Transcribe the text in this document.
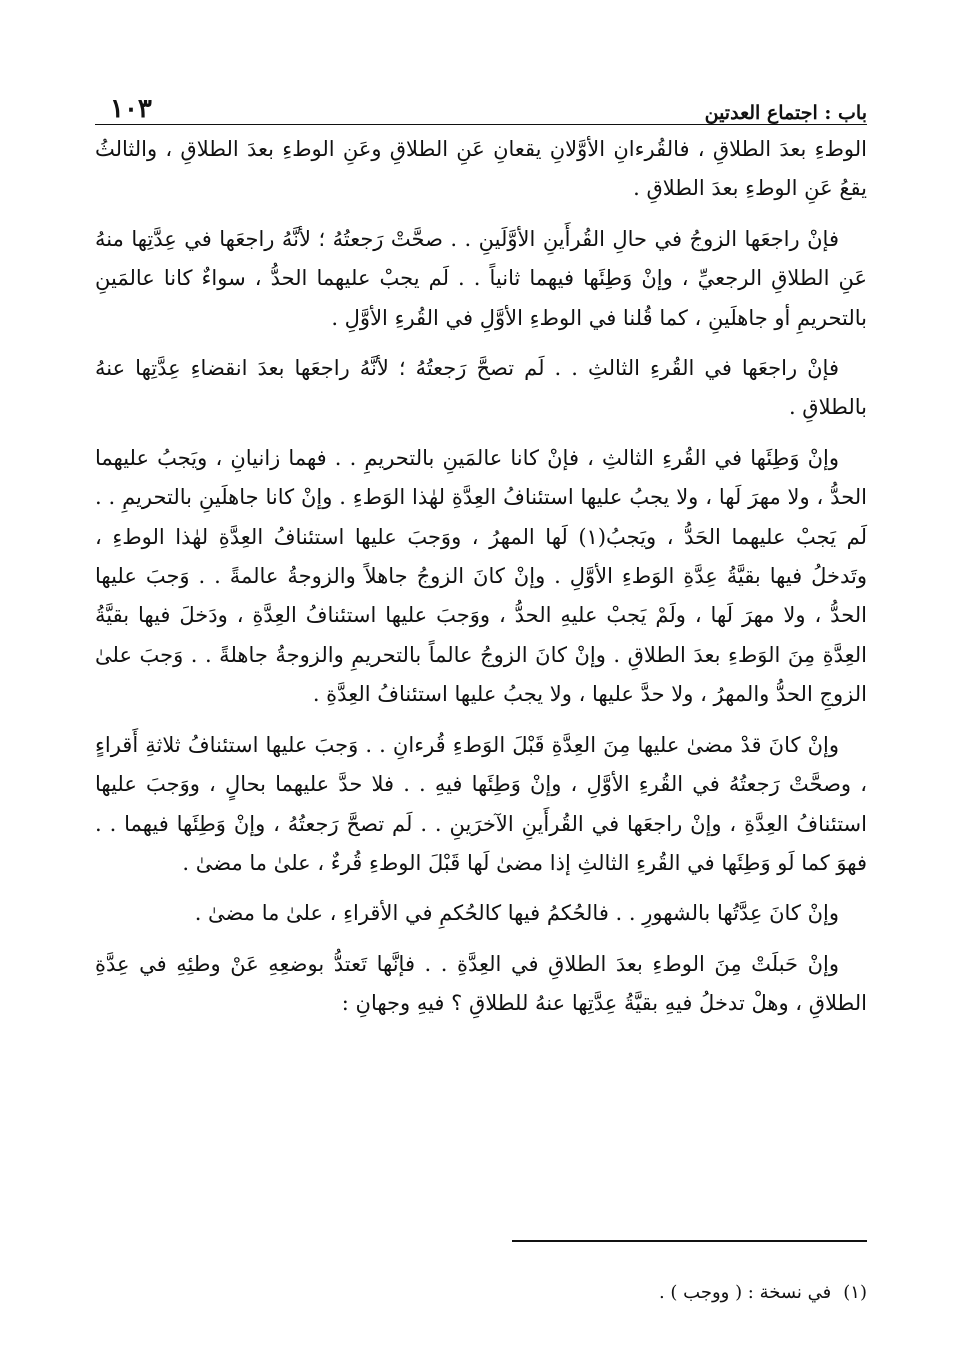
باب : اجتماع العدتين
١٠٣

الوطءِ بعدَ الطلاقِ ، فالقُرءانِ الأوَّلانِ يقعانِ عَنِ الطلاقِ وعَنِ الوطءِ بعدَ الطلاقِ ، والثالثُ يقعُ عَنِ الوطءِ بعدَ الطلاقِ .

فإنْ راجعَها الزوجُ في حالِ القُرأَينِ الأوَّلَينِ . . صحَّتْ رَجعتُهُ ؛ لأنَّهُ راجعَها في عِدَّتِها منهُ عَنِ الطلاقِ الرجعيِّ ، وإنْ وَطِئَها فيهما ثانياً . . لَم يجبْ عليهما الحدُّ ، سواءٌ كانا عالمَينِ بالتحريمِ أو جاهلَينِ ، كما قُلنا في الوطءِ الأوَّلِ في القُرءِ الأوَّلِ .

فإنْ راجعَها في القُرءِ الثالثِ . . لَم تصحَّ رَجعتُهُ ؛ لأنَّهُ راجعَها بعدَ انقضاءِ عِدَّتِها عنهُ بالطلاقِ .

وإنْ وَطِئَها في القُرءِ الثالثِ ، فإنْ كانا عالمَينِ بالتحريمِ . . فهما زانيانِ ، ويَجبُ عليهما الحدُّ ، ولا مهرَ لَها ، ولا يجبُ عليها استئنافُ العِدَّةِ لهٰذا الوَطءِ . وإنْ كانا جاهلَينِ بالتحريمِ . . لَم يَجبْ عليهما الحَدُّ ، ويَجبُ(١) لَها المهرُ ، ووَجبَ عليها استئنافُ العِدَّةِ لهٰذا الوطءِ ، وتَدخلُ فيها بقيَّةُ عِدَّةِ الوَطءِ الأوَّلِ . وإنْ كانَ الزوجُ جاهلاً والزوجةُ عالمةً . . وَجبَ عليها الحدُّ ، ولا مهرَ لَها ، ولَمْ يَجبْ عليهِ الحدُّ ، ووَجبَ عليها استئنافُ العِدَّةِ ، ودَخلَ فيها بقيَّةُ العِدَّةِ مِنَ الوَطءِ بعدَ الطلاقِ . وإنْ كانَ الزوجُ عالماً بالتحريمِ والزوجةُ جاهلةً . . وَجبَ علىٰ الزوجِ الحدُّ والمهرُ ، ولا حدَّ عليها ، ولا يجبُ عليها استئنافُ العِدَّةِ .

وإنْ كانَ قدْ مضىٰ عليها مِنَ العِدَّةِ قَبْلَ الوَطءِ قُرءانِ . . وَجبَ عليها استئنافُ ثلاثةِ أَقراءٍ ، وصحَّتْ رَجعتُهُ في القُرءِ الأوَّلِ ، وإنْ وَطِئَها فيهِ . . فلا حدَّ عليهما بحالٍ ، ووَجبَ عليها استئنافُ العِدَّةِ ، وإنْ راجعَها في القُرأَينِ الآخرَينِ . . لَم تصحَّ رَجعتُهُ ، وإنْ وَطِئَها فيهما . . فهوَ كما لَو وَطِئَها في القُرءِ الثالثِ إذا مضىٰ لَها قَبْلَ الوطءِ قُرءٌ ، علىٰ ما مضىٰ .

وإنْ كانَ عِدَّتُها بالشهورِ . . فالحُكمُ فيها كالحُكمِ في الأقراءِ ، علىٰ ما مضىٰ .

وإنْ حَبلَتْ مِنَ الوطءِ بعدَ الطلاقِ في العِدَّةِ . . فإنَّها تَعتدُّ بوضعِهِ عَنْ وطئِهِ في عِدَّةِ الطلاقِ ، وهلْ تدخلُ فيهِ بقيَّةُ عِدَّتِها عنهُ للطلاقِ ؟ فيهِ وجهانِ :

(١)
في نسخة : ( ووجب ) .
